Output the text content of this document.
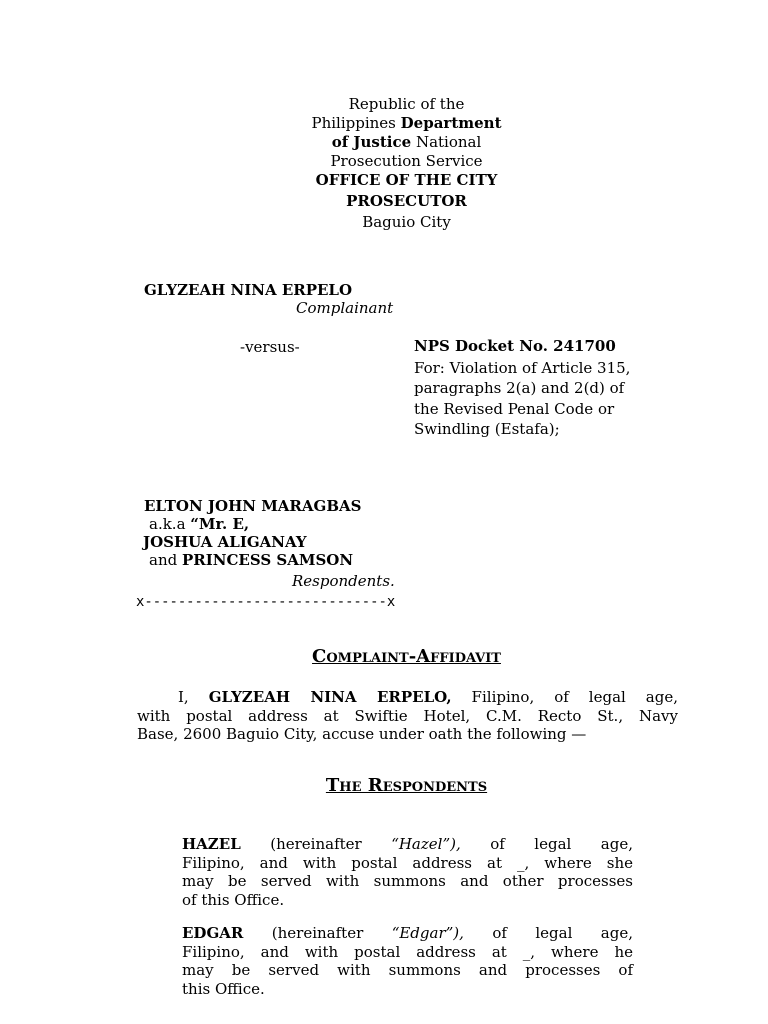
Republic of the
Philippines Department
of Justice National
Prosecution Service
OFFICE OF THE CITY
PROSECUTOR
Baguio City
GLYZEAH NINA ERPELO
Complainant
-versus-	NPS Docket No. 241700
For: Violation of Article 315,
paragraphs 2(a) and 2(d) of
the Revised Penal Code or
Swindling (Estafa);
ELTON JOHN MARAGBAS
a.k.a “Mr. E,
JOSHUA ALIGANAY
and PRINCESS SAMSON
Respondents.
x-----------------------------x
Complaint-Affidavit
I, GLYZEAH NINA ERPELO, Filipino, of legal age,
with postal address at Swiftie Hotel, C.M. Recto St., Navy
Base, 2600 Baguio City, accuse under oath the following —
The Respondents
HAZEL (hereinafter “Hazel”), of legal age,
Filipino, and with postal address at _, where she
may be served with summons and other processes
of this Office.
EDGAR (hereinafter “Edgar”), of legal age,
Filipino, and with postal address at _, where he
may be served with summons and processes of
this Office.
